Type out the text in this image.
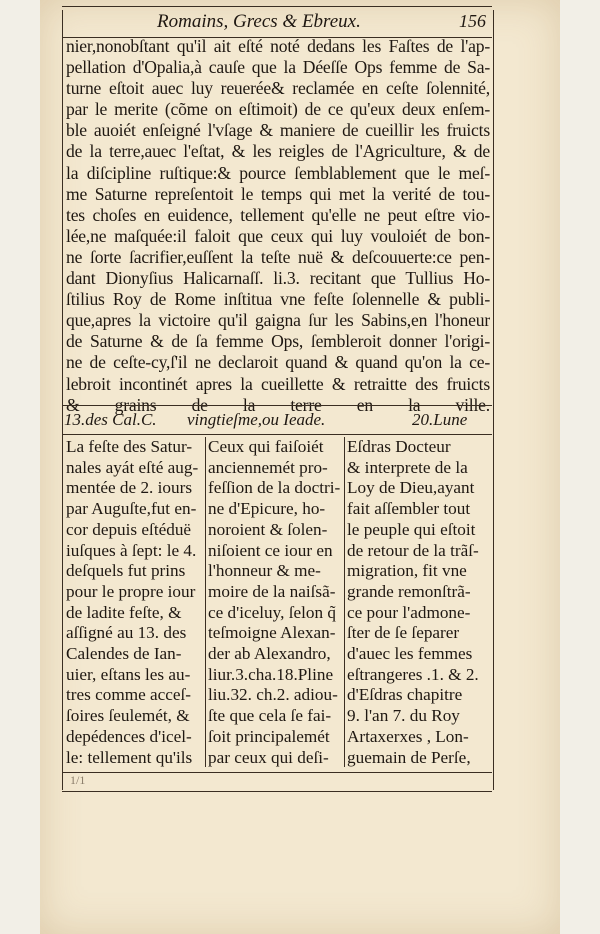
Romains, Grecs & Ebreux.	156
nier,nonobſtant qu'il ait eſté noté dedans les Faſtes de l'ap-
pellation d'Opalia,à cauſe que la Déeſſe Ops femme de Sa-
turne eſtoit auec luy reuerée& reclamée en ceſte ſolennité,
par le merite (cõme on eſtimoit) de ce qu'eux deux enſem-
ble auoiét enſeigné l'vſage & maniere de cueillir les fruicts
de la terre,auec l'eſtat, & les reigles de l'Agriculture, & de
la diſcipline ruſtique:& pource ſemblablement que le meſ-
me Saturne repreſentoit le temps qui met la verité de tou-
tes choſes en euidence, tellement qu'elle ne peut eſtre vio-
lée,ne maſquée:il faloit que ceux qui luy vouloiét de bon-
ne ſorte ſacrifier,euſſent la teſte nuë & deſcouuerte:ce pen-
dant Dionyſius Halicarnaſſ. li.3. recitant que Tullius Ho-
ſtilius Roy de Rome inſtitua vne feſte ſolennelle & publi-
que,apres la victoire qu'il gaigna ſur les Sabins,en l'honeur
de Saturne & de ſa femme Ops, ſembleroit donner l'origi-
ne de ceſte-cy,ſ'il ne declaroit quand & quand qu'on la ce-
lebroit incontinét apres la cueillette & retraitte des fruicts
& grains de la terre en la ville.
13.des Cal.C. vingtieſme,ou Ieade.	20.Lune
La feſte des Satur-
nales ayát eſté aug-
mentée de 2. iours
par Auguſte,fut en-
cor depuis eſtéduë
iuſques à ſept: le 4.
deſquels fut prins
pour le propre iour
de ladite feſte, &
aſſigné au 13. des
Calendes de Ian-
uier, eſtans les au-
tres comme acceſ-
ſoires ſeulemét, &
depédences d'icel-
le: tellement qu'ils
Ceux qui faiſoiét
anciennemét pro-
feſſion de la doctri-
ne d'Epicure, ho-
noroient & ſolen-
niſoient ce iour en
l'honneur & me-
moire de la naiſsã-
ce d'iceluy, ſelon q̃
teſmoigne Alexan-
der ab Alexandro,
liur.3.cha.18.Pline
liu.32. ch.2. adiou-
ſte que cela ſe fai-
ſoit principalemét
par ceux qui deſi-
Eſdras Docteur
& interprete de la
Loy de Dieu,ayant
fait aſſembler tout
le peuple qui eſtoit
de retour de la trãſ-
migration, fit vne
grande remonſtrã-
ce pour l'admone-
ſter de ſe ſeparer
d'auec les femmes
eſtrangeres .1. & 2.
d'Eſdras chapitre
9. l'an 7. du Roy
Artaxerxes , Lon-
guemain de Perſe,
1/1
